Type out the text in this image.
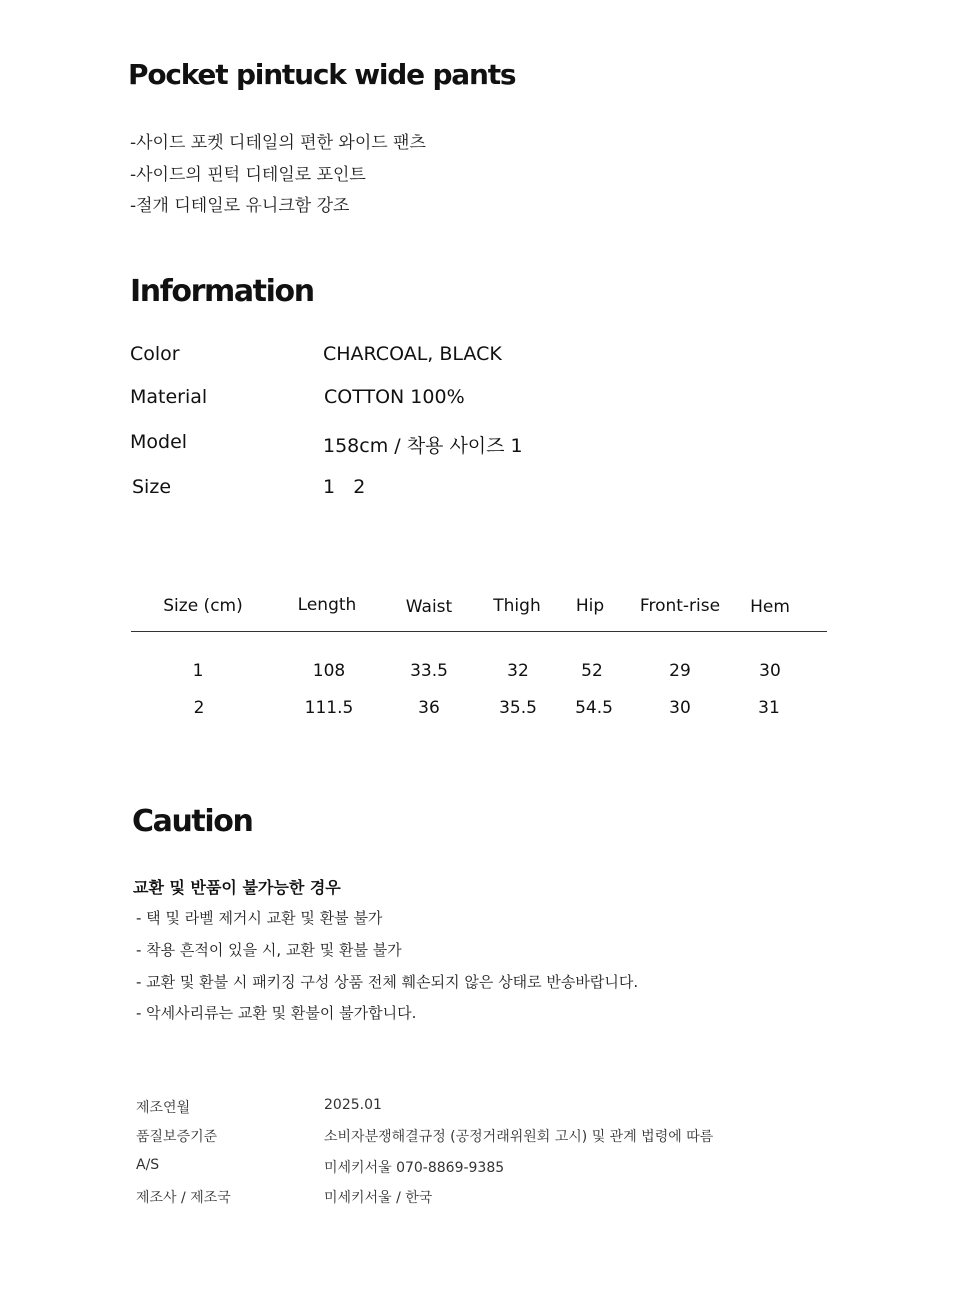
Pocket pintuck wide pants
-사이드 포켓 디테일의 편한 와이드 팬츠
-사이드의 핀턱 디테일로 포인트
-절개 디테일로 유니크함 강조
Information
Color	CHARCOAL, BLACK
Material	COTTON 100%
Model	158cm / 착용 사이즈 1
Size	1   2
Size (cm)	Length	Waist Thigh Hip Front-rise Hem
1	108	33.5	32	52	29	30
2	111.5	36	35.5 54.5	30	31
Caution
교환 및 반품이 불가능한 경우
- 택 및 라벨 제거시 교환 및 환불 불가
- 착용 흔적이 있을 시, 교환 및 환불 불가
- 교환 및 환불 시 패키징 구성 상품 전체 훼손되지 않은 상태로 반송바랍니다.
- 악세사리류는 교환 및 환불이 불가합니다.
제조연월	2025.01
품질보증기준	소비자분쟁해결규정 (공정거래위원회 고시) 및 관계 법령에 따름
A/S	미세키서울 070-8869-9385
제조사 / 제조국	미세키서울 / 한국
